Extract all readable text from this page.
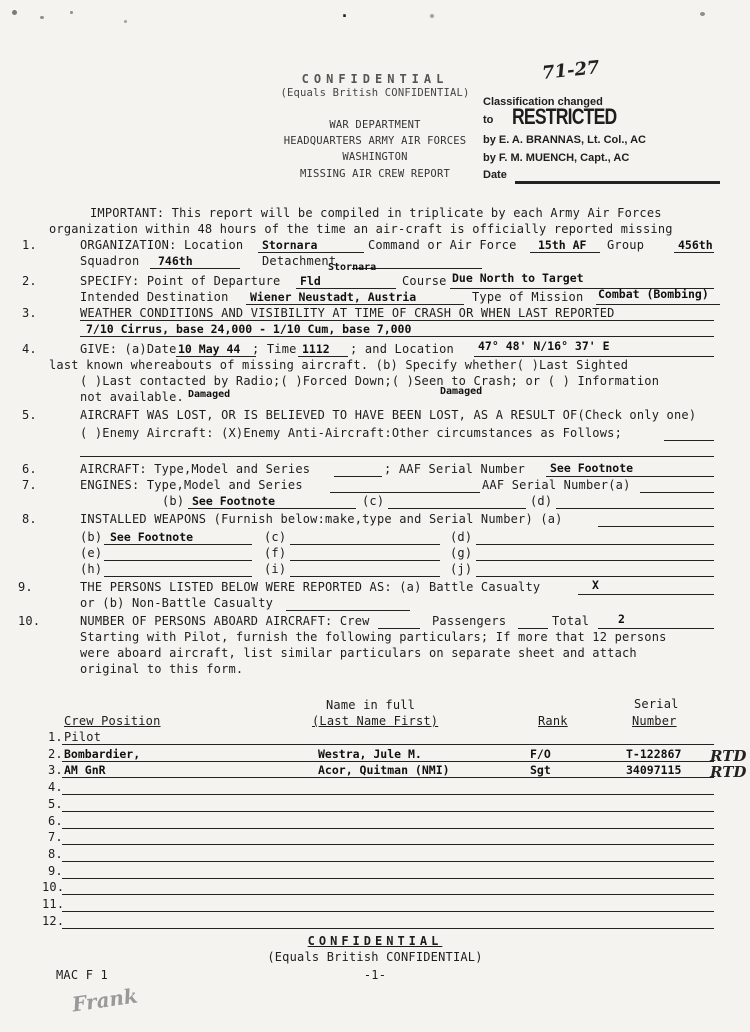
·
CONFIDENTIAL
(Equals British CONFIDENTIAL)
WAR DEPARTMENT
HEADQUARTERS ARMY AIR FORCES
WASHINGTON
MISSING AIR CREW REPORT
71-27
Classification changed
to RESTRICTED
by E. A. BRANNAS, Lt. Col., AC
by F. M. MUENCH, Capt., AC
Date
IMPORTANT: This report will be compiled in triplicate by each Army Air Forces
organization within 48 hours of the time an air-craft is officially reported missing
1.	ORGANIZATION: Location Stornara	Command or Air Force 15th AF Group	456th
Squadron 746th	Detachment
2.	SPECIFY: Point of Departure
Stornara
Fld	Course Due North to Target
Intended Destination Wiener Neustadt, Austria	Type of Mission Combat (Bombing)
3.	WEATHER CONDITIONS AND VISIBILITY AT TIME OF CRASH OR WHEN LAST REPORTED
7/10 Cirrus, base 24,000 - 1/10 Cum, base 7,000
4.	GIVE: (a)Date 10 May 44 ; Time 1112 ; and Location 47° 48' N/16° 37' E
last known whereabouts of missing aircraft. (b) Specify whether( )Last Sighted
( )Last contacted by Radio;( )Forced Down;( )Seen to Crash; or ( ) Information
not available. Damaged	Damaged
5.	AIRCRAFT WAS LOST, OR IS BELIEVED TO HAVE BEEN LOST, AS A RESULT OF(Check only one)
( )Enemy Aircraft: (X)Enemy Anti-Aircraft:Other circumstances as Follows;
6.	AIRCRAFT: Type,Model and Series	; AAF Serial Number See Footnote
7.	ENGINES: Type,Model and Series	AAF Serial Number(a)
(b) See Footnote	(c)	(d)
8.	INSTALLED WEAPONS (Furnish below:make,type and Serial Number) (a)
(b) See Footnote	(c)	(d)
(e)	(f)	(g)
(h)	(i)	(j)
9.	THE PERSONS LISTED BELOW WERE REPORTED AS: (a) Battle Casualty	X
or (b) Non-Battle Casualty
10.	NUMBER OF PERSONS ABOARD AIRCRAFT: Crew	Passengers	Total	2
Starting with Pilot, furnish the following particulars; If more that 12 persons
were aboard aircraft, list similar particulars on separate sheet and attach
original to this form.
Name in full	Serial
Crew Position	(Last Name First)	Rank	Number
1. Pilot
2. Bombardier,	Westra, Jule M.	F/O	T-122867 RTD
3. AM GnR	Acor, Quitman (NMI)	Sgt	34097115 RTD
4.
5.
6.
7.
8.
9.
10.
11.
12.
CONFIDENTIAL
(Equals British CONFIDENTIAL)
-1-
MAC F 1
Frank
